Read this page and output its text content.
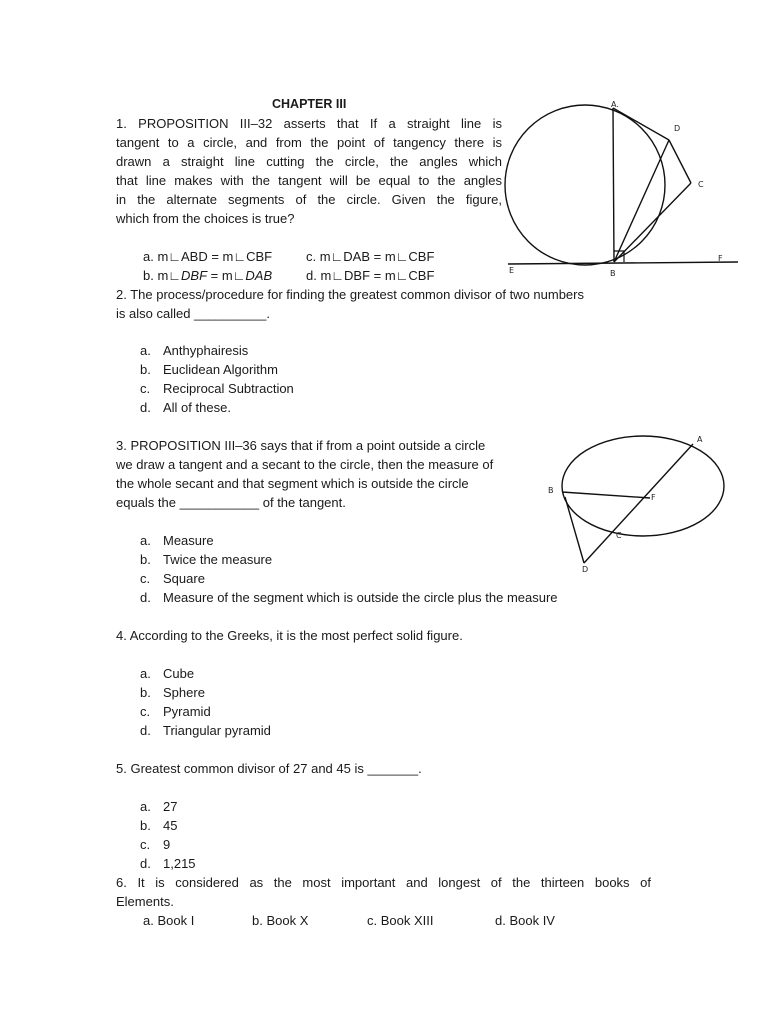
CHAPTER III
1. PROPOSITION III–32 asserts that If a straight line is
tangent to a circle, and from the point of tangency there is
drawn a straight line cutting the circle, the angles which
that line makes with the tangent will be equal to the angles
in the alternate segments of the circle. Given the figure,
which from the choices is true?
a. m∟ABD = m∟CBF	c. m∟DAB = m∟CBF
b. m∟DBF = m∟DAB	d. m∟DBF = m∟CBF
A.
D
C
E	B
F
2. The process/procedure for finding the greatest common divisor of two numbers
is also called __________.
a. Anthyphairesis
b. Euclidean Algorithm
c. Reciprocal Subtraction
d. All of these.
3. PROPOSITION III–36 says that if from a point outside a circle
we draw a tangent and a secant to the circle, then the measure of
the whole secant and that segment which is outside the circle
equals the ___________ of the tangent.
a. Measure
b. Twice the measure
c. Square
d. Measure of the segment which is outside the circle plus the measure
A
B
F
C
D
4. According to the Greeks, it is the most perfect solid figure.
a. Cube
b. Sphere
c. Pyramid
d. Triangular pyramid
5. Greatest common divisor of 27 and 45 is _______.
a. 27
b. 45
c. 9
d. 1,215
6. It is considered as the most important and longest of the thirteen books of
Elements.
a. Book I	b. Book X	c. Book XIII	d. Book IV
